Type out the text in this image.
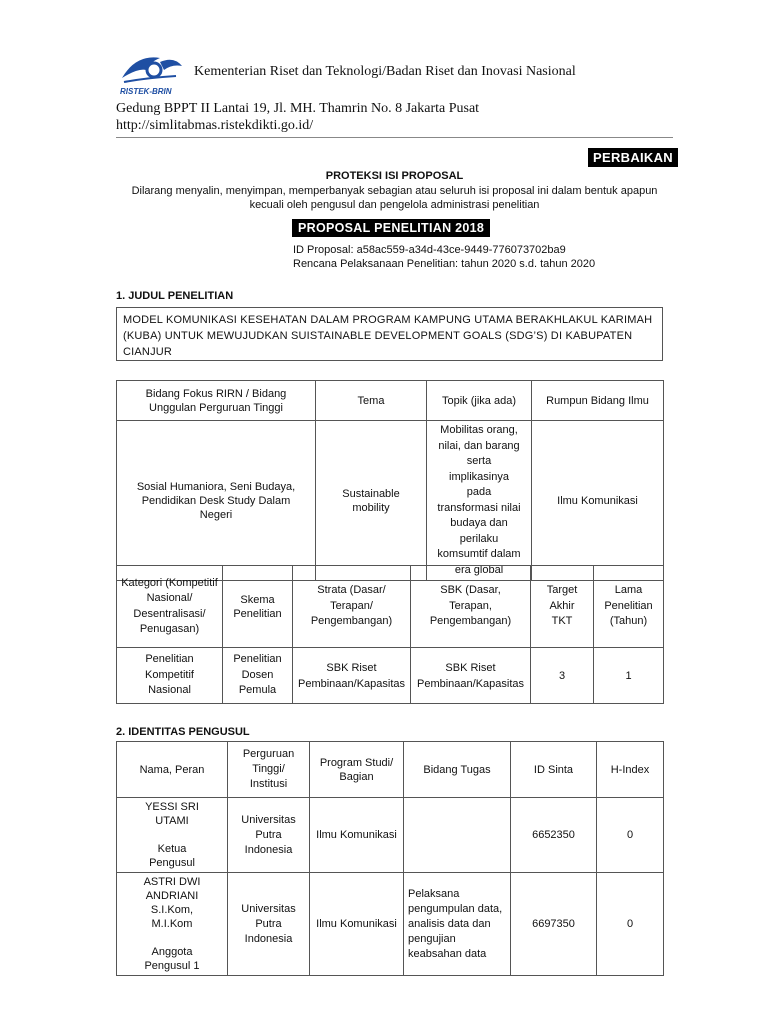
RISTEK-BRIN
Kementerian Riset dan Teknologi/Badan Riset dan Inovasi Nasional
Gedung BPPT II Lantai 19, Jl. MH. Thamrin No. 8 Jakarta Pusat
http://simlitabmas.ristekdikti.go.id/
PERBAIKAN
PROTEKSI ISI PROPOSAL
Dilarang menyalin, menyimpan, memperbanyak sebagian atau seluruh isi proposal ini dalam bentuk apapun
kecuali oleh pengusul dan pengelola administrasi penelitian
PROPOSAL PENELITIAN 2018
ID Proposal: a58ac559-a34d-43ce-9449-776073702ba9
Rencana Pelaksanaan Penelitian: tahun 2020 s.d. tahun 2020
1. JUDUL PENELITIAN
MODEL KOMUNIKASI KESEHATAN DALAM PROGRAM KAMPUNG UTAMA BERAKHLAKUL KARIMAH (KUBA) UNTUK MEWUJUDKAN SUISTAINABLE DEVELOPMENT GOALS (SDG’S) DI KABUPATEN CIANJUR
Bidang Fokus RIRN / Bidang Unggulan Perguruan Tinggi	Tema	Topik (jika ada)	Rumpun Bidang Ilmu
Sosial Humaniora, Seni Budaya, Pendidikan Desk Study Dalam Negeri	Sustainable mobility	Mobilitas orang, nilai, dan barang serta implikasinya pada transformasi nilai budaya dan perilaku komsumtif dalam era global	Ilmu Komunikasi
Kategori (Kompetitif Nasional/ Desentralisasi/ Penugasan)	Skema Penelitian	Strata (Dasar/ Terapan/ Pengembangan)	SBK (Dasar, Terapan, Pengembangan)	Target Akhir TKT	Lama Penelitian (Tahun)
Penelitian Kompetitif Nasional	Penelitian Dosen Pemula	SBK Riset Pembinaan/Kapasitas	SBK Riset Pembinaan/Kapasitas	3	1
2. IDENTITAS PENGUSUL
Nama, Peran	Perguruan Tinggi/ Institusi	Program Studi/ Bagian	Bidang Tugas	ID Sinta	H-Index

YESSI SRI UTAMI
Ketua Pengusul	Universitas Putra Indonesia	Ilmu Komunikasi		6652350	0

ASTRI DWI ANDRIANI S.I.Kom, M.I.Kom
Anggota Pengusul 1	Universitas Putra Indonesia	Ilmu Komunikasi	Pelaksana pengumpulan data, analisis data dan pengujian keabsahan data	6697350	0
